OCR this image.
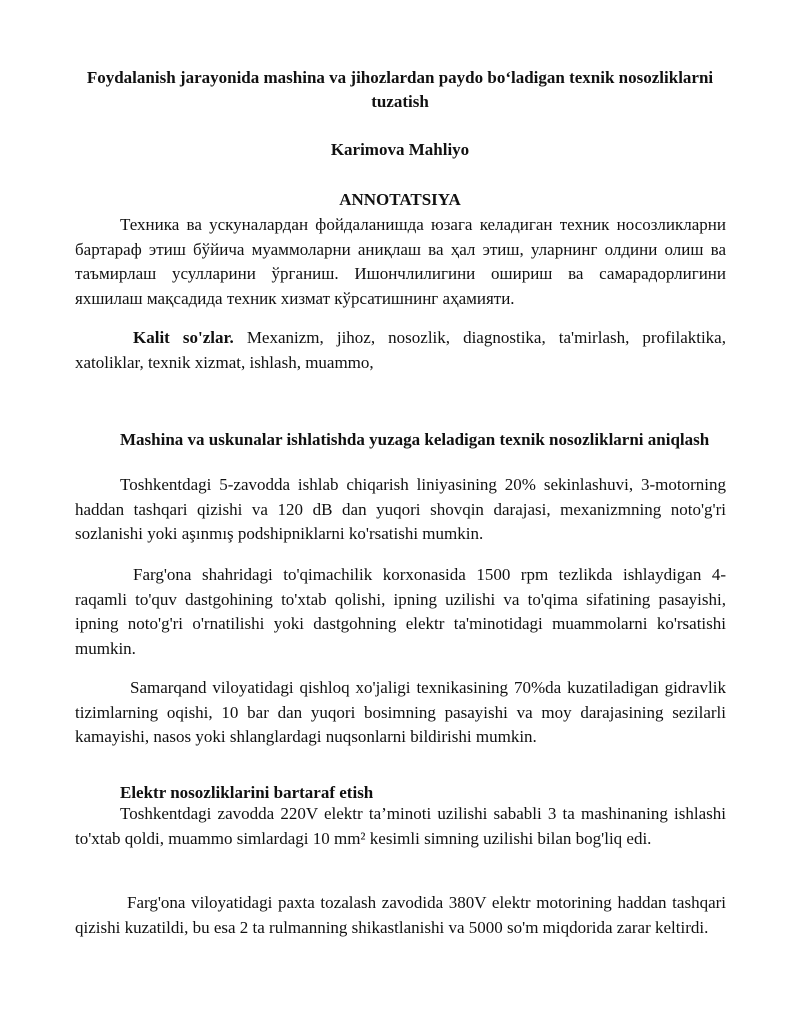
Foydalanish jarayonida mashina va jihozlardan paydo bo‘ladigan texnik nosozliklarni tuzatish
Karimova Mahliyo
ANNOTATSIYA

Техника ва ускуналардан фойдаланишда юзага келадиган техник носозликларни бартараф этиш бўйича муаммоларни аниқлаш ва ҳал этиш, уларнинг олдини олиш ва таъмирлаш усулларини ўрганиш. Ишончлилигини ошириш ва самарадорлигини яхшилаш мақсадида техник хизмат кўрсатишнинг аҳамияти.

Kalit so'zlar. Mexanizm, jihoz, nosozlik, diagnostika, ta'mirlash, profilaktika, xatoliklar, texnik xizmat, ishlash, muammo,

Mashina va uskunalar ishlatishda yuzaga keladigan texnik nosozliklarni aniqlash

Toshkentdagi 5-zavodda ishlab chiqarish liniyasining 20% sekinlashuvi, 3-motorning haddan tashqari qizishi va 120 dB dan yuqori shovqin darajasi, mexanizmning noto'g'ri sozlanishi yoki aşınmış podshipniklarni ko'rsatishi mumkin.

Farg'ona shahridagi to'qimachilik korxonasida 1500 rpm tezlikda ishlaydigan 4-raqamli to'quv dastgohining to'xtab qolishi, ipning uzilishi va to'qima sifatining pasayishi, ipning noto'g'ri o'rnatilishi yoki dastgohning elektr ta'minotidagi muammolarni ko'rsatishi mumkin.

Samarqand viloyatidagi qishloq xo'jaligi texnikasining 70%da kuzatiladigan gidravlik tizimlarning oqishi, 10 bar dan yuqori bosimning pasayishi va moy darajasining sezilarli kamayishi, nasos yoki shlanglardagi nuqsonlarni bildirishi mumkin.

Elektr nosozliklarini bartaraf etish

Toshkentdagi zavodda 220V elektr ta’minoti uzilishi sababli 3 ta mashinaning ishlashi to'xtab qoldi, muammo simlardagi 10 mm² kesimli simning uzilishi bilan bog'liq edi.

Farg'ona viloyatidagi paxta tozalash zavodida 380V elektr motorining haddan tashqari qizishi kuzatildi, bu esa 2 ta rulmanning shikastlanishi va 5000 so'm miqdorida zarar keltirdi.
